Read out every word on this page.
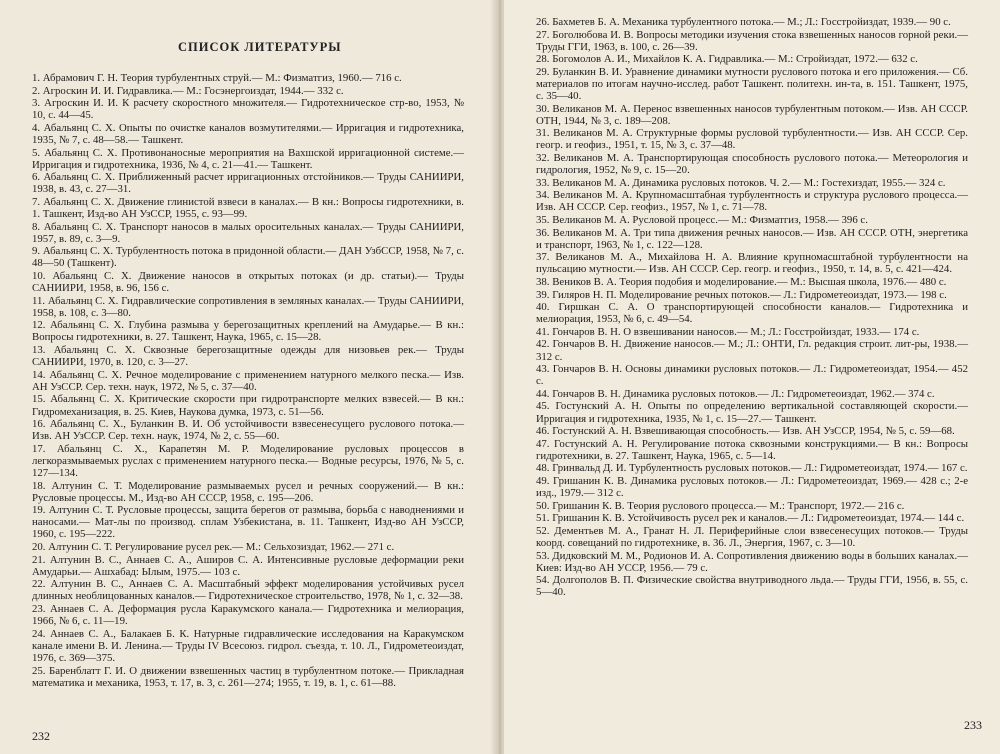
СПИСОК ЛИТЕРАТУРЫ
1. Абрамович Г. Н. Теория турбулентных струй.— М.: Физматгиз, 1960.— 716 с.
2. Агроскин И. И. Гидравлика.— М.: Госэнергоиздат, 1944.— 332 с.
3. Агроскин И. И. К расчету скоростного множителя.— Гидротехническое стр-во, 1953, № 10, с. 44—45.
4. Абальянц С. Х. Опыты по очистке каналов возмутителями.— Ирригация и гидротехника, 1935, № 7, с. 48—58.— Ташкент.
5. Абальянц С. Х. Противонаносные мероприятия на Вахшской ирригационной системе.— Ирригация и гидротехника, 1936, № 4, с. 21—41.— Ташкент.
6. Абальянц С. Х. Приближенный расчет ирригационных отстойников.— Труды САНИИРИ, 1938, в. 43, с. 27—31.
7. Абальянц С. Х. Движение глинистой взвеси в каналах.— В кн.: Вопросы гидротехники, в. 1. Ташкент, Изд-во АН УзССР, 1955, с. 93—99.
8. Абальянц С. Х. Транспорт наносов в малых оросительных каналах.— Труды САНИИРИ, 1957, в. 89, с. 3—9.
9. Абальянц С. Х. Турбулентность потока в придонной области.— ДАН УзбССР, 1958, № 7, с. 48—50 (Ташкент).
10. Абальянц С. Х. Движение наносов в открытых потоках (и др. статьи).— Труды САНИИРИ, 1958, в. 96, 156 с.
11. Абальянц С. Х. Гидравлические сопротивления в земляных каналах.— Труды САНИИРИ, 1958, в. 108, с. 3—80.
12. Абальянц С. Х. Глубина размыва у берегозащитных креплений на Амударье.— В кн.: Вопросы гидротехники, в. 27. Ташкент, Наука, 1965, с. 15—28.
13. Абальянц С. Х. Сквозные берегозащитные одежды для низовьев рек.— Труды САНИИРИ, 1970, в. 120, с. 3—27.
14. Абальянц С. Х. Речное моделирование с применением натурного мелкого песка.— Изв. АН УзССР. Сер. техн. наук, 1972, № 5, с. 37—40.
15. Абальянц С. Х. Критические скорости при гидротранспорте мелких взвесей.— В кн.: Гидромеханизация, в. 25. Киев, Наукова думка, 1973, с. 51—56.
16. Абальянц С. Х., Буланкин В. И. Об устойчивости взвесенесущего руслового потока.— Изв. АН УзССР. Сер. техн. наук, 1974, № 2, с. 55—60.
17. Абальянц С. Х., Карапетян М. Р. Моделирование русловых процессов в легкоразмываемых руслах с применением натурного песка.— Водные ресурсы, 1976, № 5, с. 127—134.
18. Алтунин С. Т. Моделирование размываемых русел и речных сооружений.— В кн.: Русловые процессы. М., Изд-во АН СССР, 1958, с. 195—206.
19. Алтунин С. Т. Русловые процессы, защита берегов от размыва, борьба с наводнениями и наносами.— Мат-лы по производ. сплам Узбекистана, в. 11. Ташкент, Изд-во АН УзССР, 1960, с. 195—222.
20. Алтунин С. Т. Регулирование русел рек.— М.: Сельхозиздат, 1962.— 271 с.
21. Алтунин В. С., Аннаев С. А., Аширов С. А. Интенсивные русловые деформации реки Амударьи.— Ашхабад: Ылым, 1975.— 103 с.
22. Алтунин В. С., Аннаев С. А. Масштабный эффект моделирования устойчивых русел длинных необлицованных каналов.— Гидротехническое строительство, 1978, № 1, с. 32—38.
23. Аннаев С. А. Деформация русла Каракумского канала.— Гидротехника и мелиорация, 1966, № 6, с. 11—19.
24. Аннаев С. А., Балакаев Б. К. Натурные гидравлические исследования на Каракумском канале имени В. И. Ленина.— Труды IV Всесоюз. гидрол. съезда, т. 10. Л., Гидрометеоиздат, 1976, с. 369—375.
25. Баренблатт Г. И. О движении взвешенных частиц в турбулентном потоке.— Прикладная математика и механика, 1953, т. 17, в. 3, с. 261—274; 1955, т. 19, в. 1, с. 61—88.
232
26. Бахметев Б. А. Механика турбулентного потока.— М.; Л.: Госстройиздат, 1939.— 90 с.
27. Боголюбова И. В. Вопросы методики изучения стока взвешенных наносов горной реки.— Труды ГГИ, 1963, в. 100, с. 26—39.
28. Богомолов А. И., Михайлов К. А. Гидравлика.— М.: Стройиздат, 1972.— 632 с.
29. Буланкин В. И. Уравнение динамики мутности руслового потока и его приложения.— Сб. материалов по итогам научно-исслед. работ Ташкент. политехн. ин-та, в. 151. Ташкент, 1975, с. 35—40.
30. Великанов М. А. Перенос взвешенных наносов турбулентным потоком.— Изв. АН СССР. ОТН, 1944, № 3, с. 189—208.
31. Великанов М. А. Структурные формы русловой турбулентности.— Изв. АН СССР. Сер. геогр. и геофиз., 1951, т. 15, № 3, с. 37—48.
32. Великанов М. А. Транспортирующая способность руслового потока.— Метеорология и гидрология, 1952, № 9, с. 15—20.
33. Великанов М. А. Динамика русловых потоков. Ч. 2.— М.: Гостехиздат, 1955.— 324 с.
34. Великанов М. А. Крупномасштабная турбулентность и структура руслового процесса.— Изв. АН СССР. Сер. геофиз., 1957, № 1, с. 71—78.
35. Великанов М. А. Русловой процесс.— М.: Физматгиз, 1958.— 396 с.
36. Великанов М. А. Три типа движения речных наносов.— Изв. АН СССР. ОТН, энергетика и транспорт, 1963, № 1, с. 122—128.
37. Великанов М. А., Михайлова Н. А. Влияние крупномасштабной турбулентности на пульсацию мутности.— Изв. АН СССР. Сер. геогр. и геофиз., 1950, т. 14, в. 5, с. 421—424.
38. Веников В. А. Теория подобия и моделирование.— М.: Высшая школа, 1976.— 480 с.
39. Гиляров Н. П. Моделирование речных потоков.— Л.: Гидрометеоиздат, 1973.— 198 с.
40. Гиршкан С. А. О транспортирующей способности каналов.— Гидротехника и мелиорация, 1953, № 6, с. 49—54.
41. Гончаров В. Н. О взвешивании наносов.— М.; Л.: Госстройиздат, 1933.— 174 с.
42. Гончаров В. Н. Движение наносов.— М.; Л.: ОНТИ, Гл. редакция строит. лит-ры, 1938.— 312 с.
43. Гончаров В. Н. Основы динамики русловых потоков.— Л.: Гидрометеоиздат, 1954.— 452 с.
44. Гончаров В. Н. Динамика русловых потоков.— Л.: Гидрометеоиздат, 1962.— 374 с.
45. Гостунский А. Н. Опыты по определению вертикальной составляющей скорости.— Ирригация и гидротехника, 1935, № 1, с. 15—27.— Ташкент.
46. Гостунский А. Н. Взвешивающая способность.— Изв. АН УзССР, 1954, № 5, с. 59—68.
47. Гостунский А. Н. Регулирование потока сквозными конструкциями.— В кн.: Вопросы гидротехники, в. 27. Ташкент, Наука, 1965, с. 5—14.
48. Гринвальд Д. И. Турбулентность русловых потоков.— Л.: Гидрометеоиздат, 1974.— 167 с.
49. Гришанин К. В. Динамика русловых потоков.— Л.: Гидрометеоиздат, 1969.— 428 с.; 2-е изд., 1979.— 312 с.
50. Гришанин К. В. Теория руслового процесса.— М.: Транспорт, 1972.— 216 с.
51. Гришанин К. В. Устойчивость русел рек и каналов.— Л.: Гидрометеоиздат, 1974.— 144 с.
52. Дементьев М. А., Гранат Н. Л. Периферийные слои взвесенесущих потоков.— Труды коорд. совещаний по гидротехнике, в. 36. Л., Энергия, 1967, с. 3—10.
53. Дидковский М. М., Родионов И. А. Сопротивления движению воды в больших каналах.— Киев: Изд-во АН УССР, 1956.— 79 с.
54. Долгополов В. П. Физические свойства внутриводного льда.— Труды ГГИ, 1956, в. 55, с. 5—40.
233
